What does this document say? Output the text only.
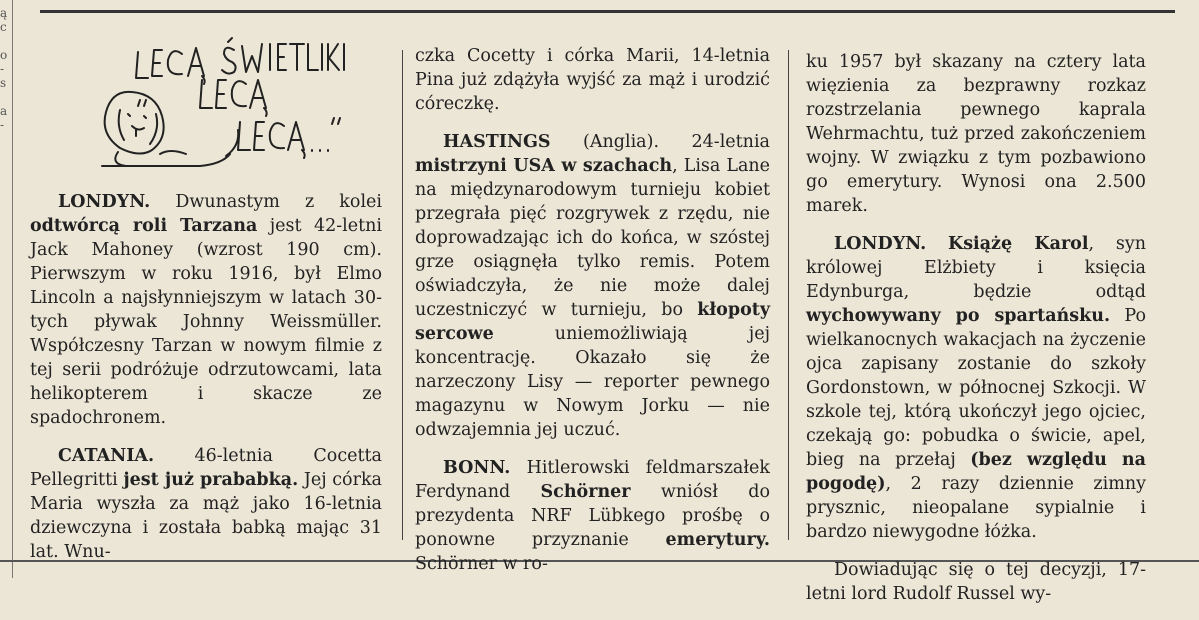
ą
c

o
-
s

a
-

LONDYN. Dwunastym z kolei odtwórcą roli Tarzana jest 42-letni Jack Mahoney (wzrost 190 cm). Pierwszym w roku 1916, był Elmo Lincoln a najsłynniejszym w latach 30-tych pływak Johnny Weissmüller. Współczesny Tarzan w nowym filmie z tej serii podróżuje odrzutowcami, lata helikopterem i skacze ze spadochronem.

CATANIA. 46-letnia Cocetta Pellegritti jest już prababką. Jej córka Maria wyszła za mąż jako 16-letnia dziewczyna i została babką mając 31 lat. Wnu-

czka Cocetty i córka Marii, 14-letnia Pina już zdążyła wyjść za mąż i urodzić córeczkę.

HASTINGS (Anglia). 24-letnia mistrzyni USA w szachach, Lisa Lane na międzynarodowym turnieju kobiet przegrała pięć rozgrywek z rzędu, nie doprowadzając ich do końca, w szóstej grze osiągnęła tylko remis. Potem oświadczyła, że nie może dalej uczestniczyć w turnieju, bo kłopoty sercowe uniemożliwiają jej koncentrację. Okazało się że narzeczony Lisy — reporter pewnego magazynu w Nowym Jorku — nie odwzajemnia jej uczuć.

BONN. Hitlerowski feldmarszałek Ferdynand Schörner wniósł do prezydenta NRF Lübkego prośbę o ponowne przyznanie emerytury. Schörner w ro-

ku 1957 był skazany na cztery lata więzienia za bezprawny rozkaz rozstrzelania pewnego kaprala Wehrmachtu, tuż przed zakończeniem wojny. W związku z tym pozbawiono go emerytury. Wynosi ona 2.500 marek.

LONDYN. Książę Karol, syn królowej Elżbiety i księcia Edynburga, będzie odtąd wychowywany po spartańsku. Po wielkanocnych wakacjach na życzenie ojca zapisany zostanie do szkoły Gordonstown, w północnej Szkocji. W szkole tej, którą ukończył jego ojciec, czekają go: pobudka o świcie, apel, bieg na przełaj (bez względu na pogodę), 2 razy dziennie zimny prysznic, nieopalane sypialnie i bardzo niewygodne łóżka.

Dowiadując się o tej decyzji, 17-letni lord Rudolf Russel wy-
